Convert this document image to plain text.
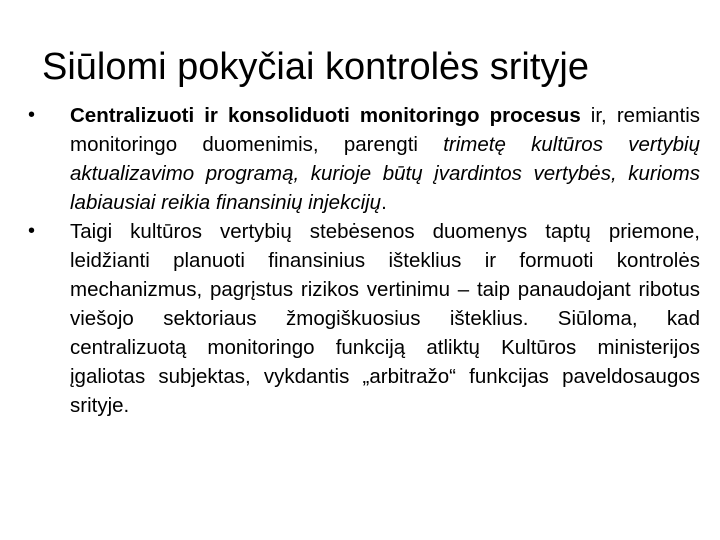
Siūlomi pokyčiai kontrolės srityje
•	Centralizuoti ir konsoliduoti monitoringo procesus ir, remiantis monitoringo duomenimis, parengti trimetę kultūros vertybių aktualizavimo programą, kurioje būtų įvardintos vertybės, kurioms labiausiai reikia finansinių injekcijų.
•	Taigi kultūros vertybių stebėsenos duomenys taptų priemone, leidžianti planuoti finansinius išteklius ir formuoti kontrolės mechanizmus, pagrįstus rizikos vertinimu – taip panaudojant ribotus viešojo sektoriaus žmogiškuosius išteklius. Siūloma, kad centralizuotą monitoringo funkciją atliktų Kultūros ministerijos įgaliotas subjektas, vykdantis „arbitražo“ funkcijas paveldosaugos srityje.
